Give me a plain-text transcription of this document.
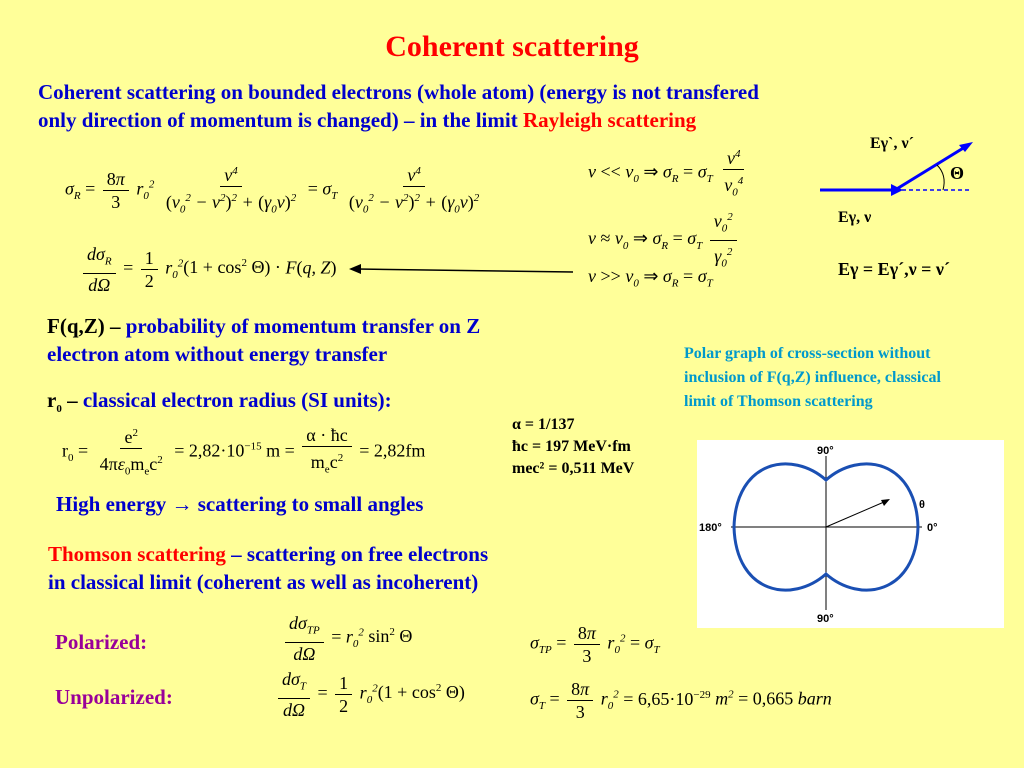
Coherent scattering
Coherent scattering on bounded electrons (whole atom) (energy is not transfered
only direction of momentum is changed) – in the limit Rayleigh scattering
$\sigma_R = \frac{8\pi}{3} r_0^2 \frac{\nu^4}{(\nu_0^2 - \nu^2)^2 + (\gamma_0\nu)^2} = \sigma_T \frac{\nu^4}{(\nu_0^2 - \nu^2)^2 + (\gamma_0\nu)^2}$
$\frac{d\sigma_R}{d\Omega} = \frac{1}{2} r_0^2(1 + \cos^2 \Theta) \cdot F(q$, Z)
$\nu << \nu_0$ ⇒ $\sigma_R = \sigma_T \frac{\nu^4}{\nu_0^4}$
$\nu \approx \nu_0$ ⇒ $\sigma_R = \sigma_T \frac{\nu_0^2}{\gamma_0^2}$
$\nu >> \nu_0$ ⇒ $\sigma_R = \sigma_T$
Eγ`, ν´
Θ
Eγ, ν
Eγ = Eγ´,ν = ν´
F(q,Z) – probability of momentum transfer on Z
electron atom without energy transfer
$r_0$ – classical electron radius (SI units):
$r_0 = \frac{e^2}{4\pi\varepsilon_0m_ec^2} = 2,82\cdot 10^{-15}$ $m = \frac{\alpha \cdot ħc}{m_ec^2} = 2,82fm$
α = 1/137
ħc = 197 MeV·fm
mec² = 0,511 MeV
Polar graph of cross-section without
inclusion of F(q,Z) influence, classical
limit of Thomson scattering
90°
90°
180°	0°
θ
High energy → scattering to small angles
Thomson scattering – scattering on free electrons
in classical limit (coherent as well as incoherent)
Polarized:	$\frac{d\sigma_{TP}}{d\Omega} = r_0^2$ $\sin^2 \Theta$	$\sigma_{TP} = \frac{8\pi}{3} r_0^2 = \sigma_T$
Unpolarized:	$\frac{d\sigma_T}{d\Omega} = \frac{1}{2} r_0^2(1 + \cos^2 \Theta)$	$\sigma_T = \frac{8\pi}{3} r_0^2 = 6,65\cdot 10^{-29}$ $m^2 = 0,665$ barn
